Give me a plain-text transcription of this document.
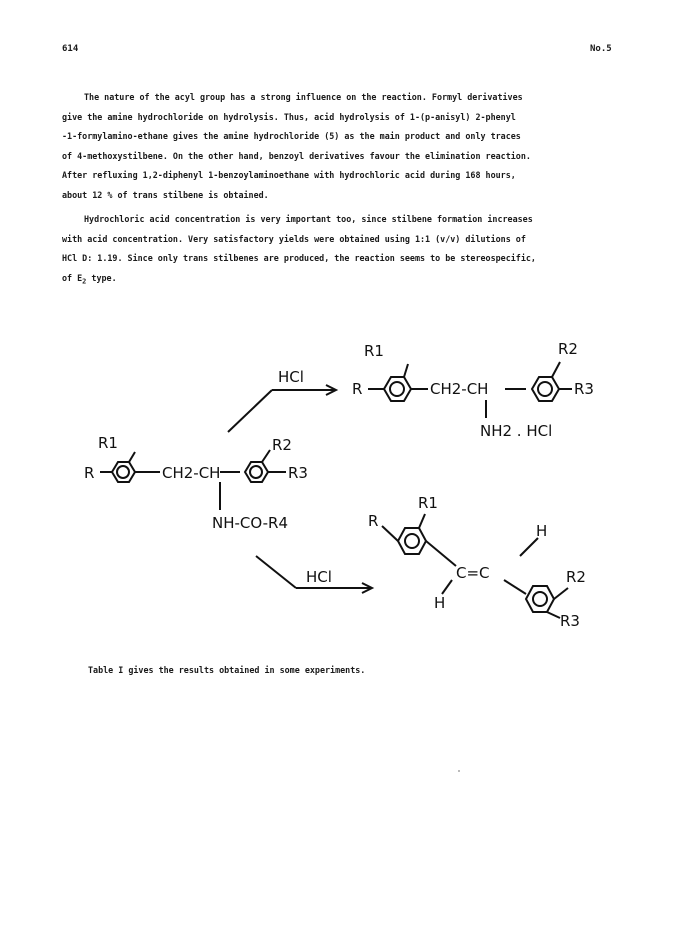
614	No.5

The nature of the acyl group has a strong influence on the reaction. Formyl derivatives

give the amine hydrochloride on hydrolysis. Thus, acid hydrolysis of 1-(p-anisyl) 2-phenyl

-1-formylamino-ethane gives the amine hydrochloride (5) as the main product and only traces

of 4-methoxystilbene. On the other hand, benzoyl derivatives favour the elimination reaction.

After refluxing 1,2-diphenyl 1-benzoylaminoethane with hydrochloric acid during 168 hours,

about 12 % of trans stilbene is obtained.

Hydrochloric acid concentration is very important too, since stilbene formation increases

with acid concentration. Very satisfactory yields were obtained using 1:1 (v/v) dilutions of

HCl D: 1.19. Since only trans stilbenes are produced, the reaction seems to be stereospecific,

of $E_2$ type.

HCl
HCl
R1
R	CH2-CH
R2
R3
NH-CO-R4
R1
R	CH2-CH
R2
R3
NH2 . HCl
R1
R
C=C
H
H
R2
R3
Table I gives the results obtained in some experiments.
